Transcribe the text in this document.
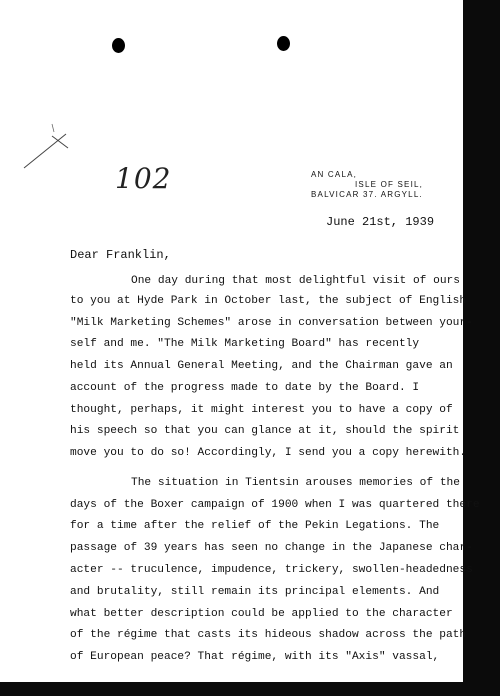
102	AN CALA,
ISLE OF SEIL,
BALVICAR 37. ARGYLL.
June 21st, 1939
Dear Franklin,
One day during that most delightful visit of ours
to you at Hyde Park in October last, the subject of English
"Milk Marketing Schemes" arose in conversation between your-
self and me. "The Milk Marketing Board" has recently
held its Annual General Meeting, and the Chairman gave an
account of the progress made to date by the Board. I
thought, perhaps, it might interest you to have a copy of
his speech so that you can glance at it, should the spirit
move you to do so! Accordingly, I send you a copy herewith.
The situation in Tientsin arouses memories of the
days of the Boxer campaign of 1900 when I was quartered there
for a time after the relief of the Pekin Legations. The
passage of 39 years has seen no change in the Japanese char-
acter -- truculence, impudence, trickery, swollen-headedness
and brutality, still remain its principal elements. And
what better description could be applied to the character
of the régime that casts its hideous shadow across the path
of European peace? That régime, with its "Axis" vassal,
